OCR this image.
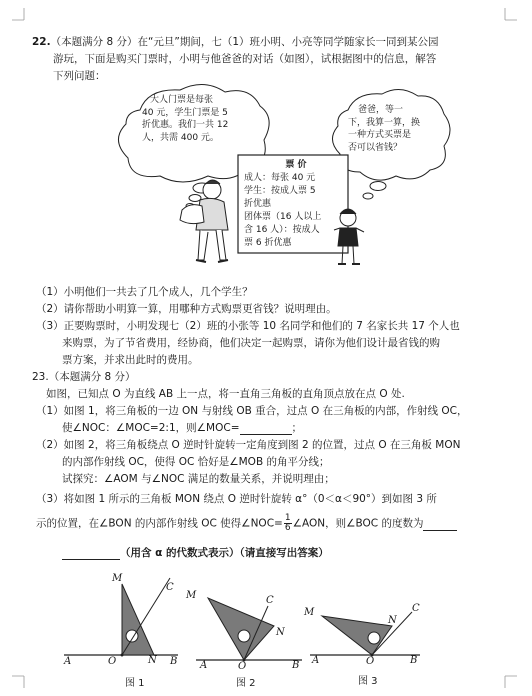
22.（本题满分 8 分）在“元旦”期间，七（1）班小明、小亮等同学随家长一同到某公园
游玩，下面是购买门票时，小明与他爸爸的对话（如图），试根据图中的信息，解答
下列问题：
大人门票是每张
40 元，学生门票是 5
折优惠。我们一共 12
人，共需 400 元。
爸爸，等一
下，我算一算，换
一种方式买票是
否可以省钱？
票 价
成人：每张 40 元
学生：按成人票 5
折优惠
团体票（16 人以上
含 16 人）：按成人
票 6 折优惠
（1）小明他们一共去了几个成人，几个学生？
（2）请你帮助小明算一算，用哪种方式购票更省钱？说明理由。
（3）正要购票时，小明发现七（2）班的小张等 10 名同学和他们的 7 名家长共 17 个人也
来购票，为了节省费用，经协商，他们决定一起购票，请你为他们设计最省钱的购
票方案，并求出此时的费用。
23.（本题满分 8 分）
如图，已知点 O 为直线 AB 上一点，将一直角三角板的直角顶点放在点 O 处.
（1）如图 1，将三角板的一边 ON 与射线 OB 重合，过点 O 在三角板的内部，作射线 OC，
使∠NOC：∠MOC=2:1，则∠MOC=	；
（2）如图 2，将三角板绕点 O 逆时针旋转一定角度到图 2 的位置，过点 O 在三角板 MON
的内部作射线 OC，使得 OC 恰好是∠MOB 的角平分线；
试探究：∠AOM 与∠NOC 满足的数量关系，并说明理由；
（3）将如图 1 所示的三角板 MON 绕点 O 逆时针旋转 α°（0＜α＜90°）到如图 3 所
示的位置，在∠BON 的内部作射线 OC 使得∠NOC= $\frac{1}{6}$ ∠AON，则∠BOC 的度数为
（用含 α 的代数式表示）（请直接写出答案）
M
C
A	O	N B
图 1
M	C
N
A	O	B
图 2
M	C
N
A	O	B
图 3
